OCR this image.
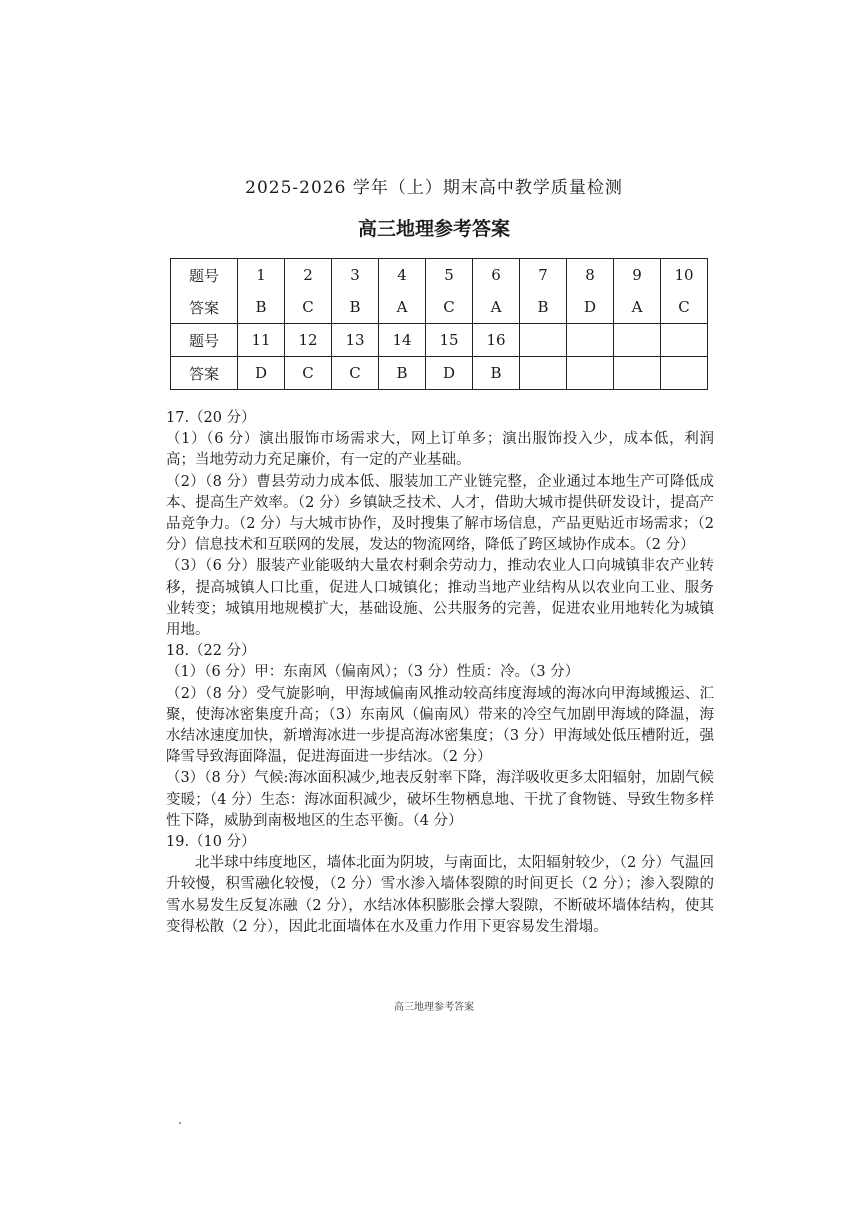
2025-2026 学年（上）期末高中教学质量检测
高三地理参考答案
题号	1	2	3	4	5	6	7	8	9	10
答案	B	C	B	A	C	A	B	D	A	C
题号	11	12	13	14	15	16				
答案	D	C	C	B	D	B				

17.（20 分）

（1）（6 分）演出服饰市场需求大，网上订单多；演出服饰投入少，成本低，利润高；当地劳动力充足廉价，有一定的产业基础。

（2）（8 分）曹县劳动力成本低、服装加工产业链完整，企业通过本地生产可降低成本、提高生产效率。（2 分）乡镇缺乏技术、人才，借助大城市提供研发设计，提高产品竞争力。（2 分）与大城市协作，及时搜集了解市场信息，产品更贴近市场需求；（2 分）信息技术和互联网的发展，发达的物流网络，降低了跨区域协作成本。（2 分）

（3）（6 分）服装产业能吸纳大量农村剩余劳动力，推动农业人口向城镇非农产业转移，提高城镇人口比重，促进人口城镇化；推动当地产业结构从以农业向工业、服务业转变；城镇用地规模扩大，基础设施、公共服务的完善，促进农业用地转化为城镇用地。

18.（22 分）

（1）（6 分）甲：东南风（偏南风）；（3 分）性质：冷。（3 分）

（2）（8 分）受气旋影响，甲海域偏南风推动较高纬度海域的海冰向甲海域搬运、汇聚，使海冰密集度升高；（3）东南风（偏南风）带来的冷空气加剧甲海域的降温，海水结冰速度加快，新增海冰进一步提高海冰密集度；（3 分）甲海域处低压槽附近，强降雪导致海面降温，促进海面进一步结冰。（2 分）

（3）（8 分）气候:海冰面积减少,地表反射率下降，海洋吸收更多太阳辐射，加剧气候变暖；（4 分）生态：海冰面积减少，破坏生物栖息地、干扰了食物链、导致生物多样性下降，威胁到南极地区的生态平衡。（4 分）

19.（10 分）

北半球中纬度地区，墙体北面为阴坡，与南面比，太阳辐射较少，（2 分）气温回升较慢，积雪融化较慢，（2 分）雪水渗入墙体裂隙的时间更长（2 分）；渗入裂隙的雪水易发生反复冻融（2 分），水结冰体积膨胀会撑大裂隙，不断破坏墙体结构，使其变得松散（2 分），因此北面墙体在水及重力作用下更容易发生滑塌。

高三地理参考答案
